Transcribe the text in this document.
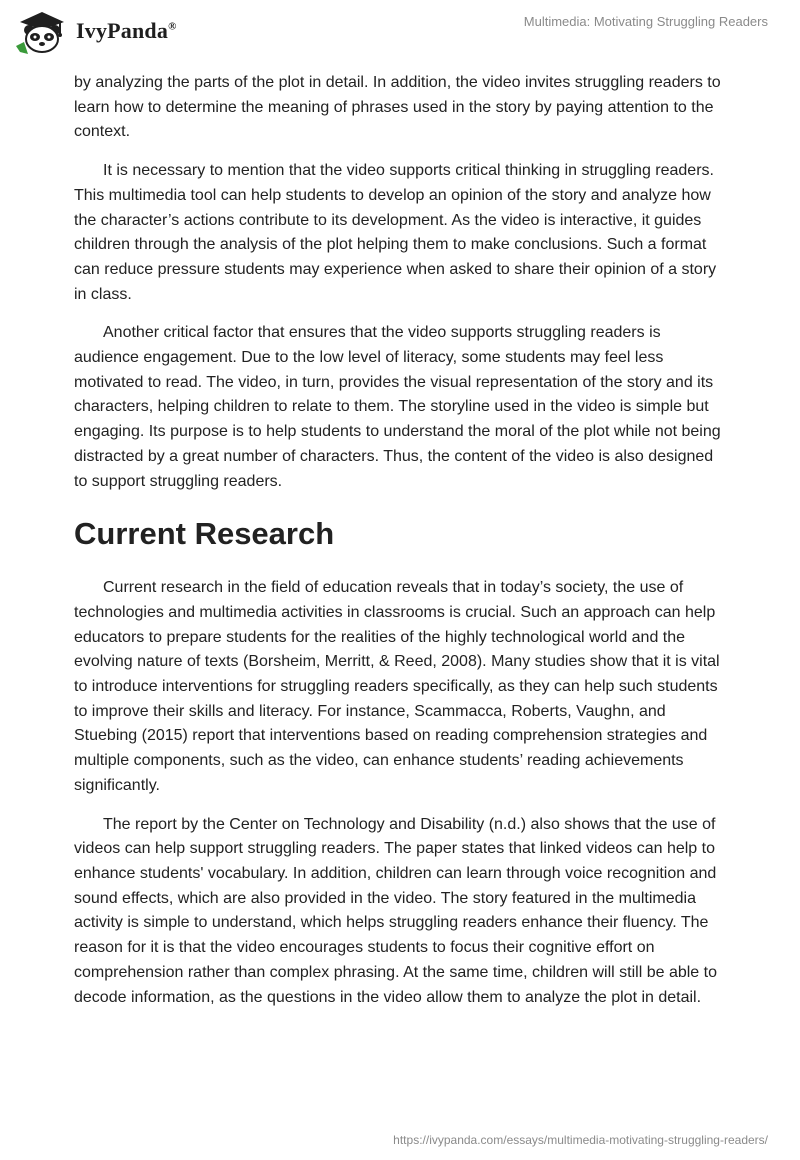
IvyPanda®	Multimedia: Motivating Struggling Readers

by analyzing the parts of the plot in detail. In addition, the video invites struggling readers to learn how to determine the meaning of phrases used in the story by paying attention to the context.

It is necessary to mention that the video supports critical thinking in struggling readers. This multimedia tool can help students to develop an opinion of the story and analyze how the character’s actions contribute to its development. As the video is interactive, it guides children through the analysis of the plot helping them to make conclusions. Such a format can reduce pressure students may experience when asked to share their opinion of a story in class.

Another critical factor that ensures that the video supports struggling readers is audience engagement. Due to the low level of literacy, some students may feel less motivated to read. The video, in turn, provides the visual representation of the story and its characters, helping children to relate to them. The storyline used in the video is simple but engaging. Its purpose is to help students to understand the moral of the plot while not being distracted by a great number of characters. Thus, the content of the video is also designed to support struggling readers.

Current Research

Current research in the field of education reveals that in today’s society, the use of technologies and multimedia activities in classrooms is crucial. Such an approach can help educators to prepare students for the realities of the highly technological world and the evolving nature of texts (Borsheim, Merritt, & Reed, 2008). Many studies show that it is vital to introduce interventions for struggling readers specifically, as they can help such students to improve their skills and literacy. For instance, Scammacca, Roberts, Vaughn, and Stuebing (2015) report that interventions based on reading comprehension strategies and multiple components, such as the video, can enhance students’ reading achievements significantly.

The report by the Center on Technology and Disability (n.d.) also shows that the use of videos can help support struggling readers. The paper states that linked videos can help to enhance students' vocabulary. In addition, children can learn through voice recognition and sound effects, which are also provided in the video. The story featured in the multimedia activity is simple to understand, which helps struggling readers enhance their fluency. The reason for it is that the video encourages students to focus their cognitive effort on comprehension rather than complex phrasing. At the same time, children will still be able to decode information, as the questions in the video allow them to analyze the plot in detail.

https://ivypanda.com/essays/multimedia-motivating-struggling-readers/
